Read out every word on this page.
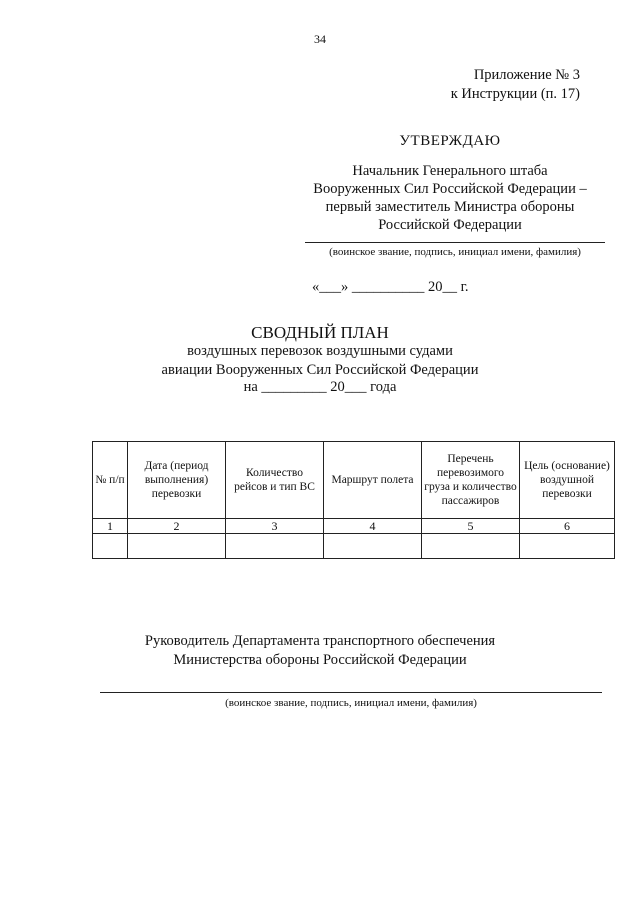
34
Приложение № 3
к Инструкции (п. 17)
УТВЕРЖДАЮ
Начальник Генерального штаба
Вооруженных Сил Российской Федерации –
первый заместитель Министра обороны
Российской Федерации
(воинское звание, подпись, инициал имени, фамилия)
«___» __________ 20__ г.
СВОДНЫЙ ПЛАН
воздушных перевозок воздушными судами
авиации Вооруженных Сил Российской Федерации
на _________ 20___ года
№ п/п	Дата (период выполнения) перевозки	Количество рейсов и тип ВС	Маршрут полета	Перечень перевозимого груза и количество пассажиров	Цель (основание) воздушной перевозки
1	2	3	4	5	6

Руководитель Департамента транспортного обеспечения
Министерства обороны Российской Федерации
(воинское звание, подпись, инициал имени, фамилия)
